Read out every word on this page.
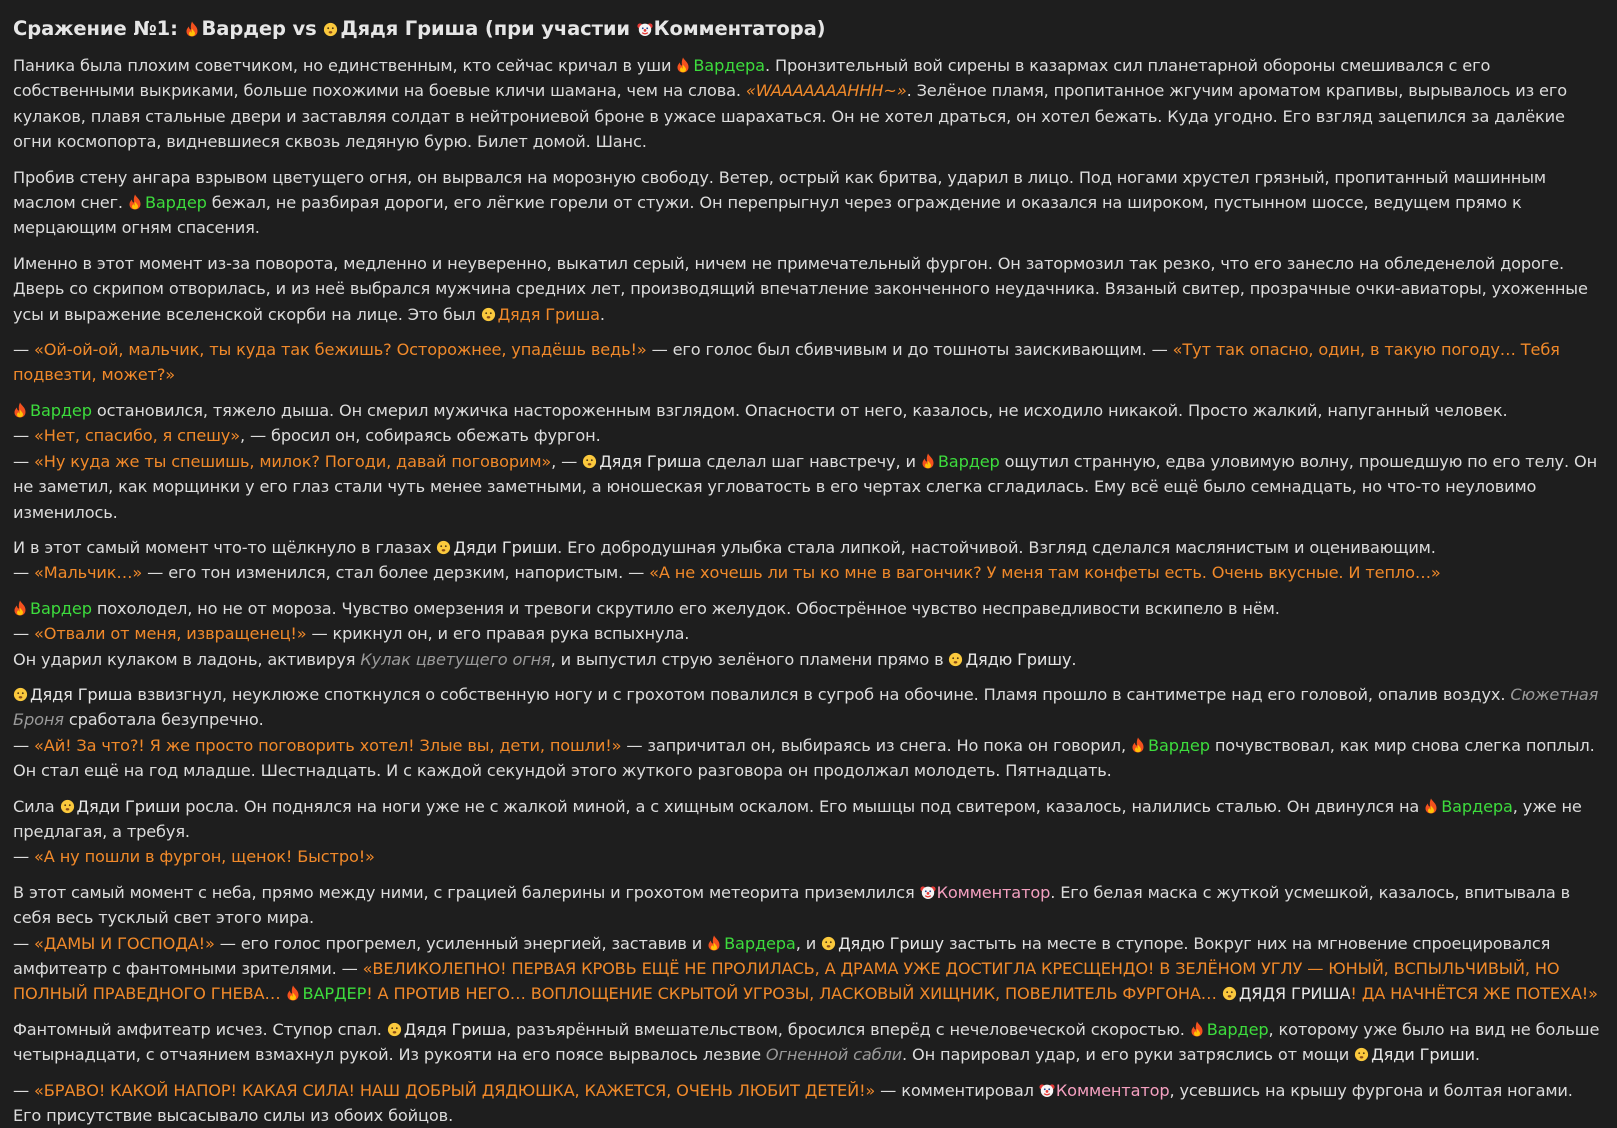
Сражение №1:
Вардер vs
Дядя Гриша (при участии
Комментатора)
Паника была плохим советчиком, но единственным, кто сейчас кричал в уши
Вардера. Пронзительный вой сирены в казармах сил планетарной обороны смешивался с его собственными выкриками, больше похожими на боевые кличи шамана, чем на слова. «WAAAAAAAHHH~». Зелёное пламя, пропитанное жгучим ароматом крапивы, вырывалось из его кулаков, плавя стальные двери и заставляя солдат в нейтрониевой броне в ужасе шарахаться. Он не хотел драться, он хотел бежать. Куда угодно. Его взгляд зацепился за далёкие огни космопорта, видневшиеся сквозь ледяную бурю. Билет домой. Шанс.
Пробив стену ангара взрывом цветущего огня, он вырвался на морозную свободу. Ветер, острый как бритва, ударил в лицо. Под ногами хрустел грязный, пропитанный машинным маслом снег.
Вардер бежал, не разбирая дороги, его лёгкие горели от стужи. Он перепрыгнул через ограждение и оказался на широком, пустынном шоссе, ведущем прямо к мерцающим огням спасения.
Именно в этот момент из-за поворота, медленно и неуверенно, выкатил серый, ничем не примечательный фургон. Он затормозил так резко, что его занесло на обледенелой дороге. Дверь со скрипом отворилась, и из неё выбрался мужчина средних лет, производящий впечатление законченного неудачника. Вязаный свитер, прозрачные очки-авиаторы, ухоженные усы и выражение вселенской скорби на лице. Это был
Дядя Гриша.
— «Ой-ой-ой, мальчик, ты куда так бежишь? Осторожнее, упадёшь ведь!» — его голос был сбивчивым и до тошноты заискивающим. — «Тут так опасно, один, в такую погоду… Тебя подвезти, может?»
Вардер остановился, тяжело дыша. Он смерил мужичка настороженным взглядом. Опасности от него, казалось, не исходило никакой. Просто жалкий, напуганный человек.
— «Нет, спасибо, я спешу», — бросил он, собираясь обежать фургон.
— «Ну куда же ты спешишь, милок? Погоди, давай поговорим», —
Дядя Гриша сделал шаг навстречу, и
Вардер ощутил странную, едва уловимую волну, прошедшую по его телу. Он не заметил, как морщинки у его глаз стали чуть менее заметными, а юношеская угловатость в его чертах слегка сгладилась. Ему всё ещё было семнадцать, но что-то неуловимо изменилось.
И в этот самый момент что-то щёлкнуло в глазах
Дяди Гриши. Его добродушная улыбка стала липкой, настойчивой. Взгляд сделался маслянистым и оценивающим.
— «Мальчик…» — его тон изменился, стал более дерзким, напористым. — «А не хочешь ли ты ко мне в вагончик? У меня там конфеты есть. Очень вкусные. И тепло…»
Вардер похолодел, но не от мороза. Чувство омерзения и тревоги скрутило его желудок. Обострённое чувство несправедливости вскипело в нём.
— «Отвали от меня, извращенец!» — крикнул он, и его правая рука вспыхнула.
Он ударил кулаком в ладонь, активируя Кулак цветущего огня, и выпустил струю зелёного пламени прямо в
Дядю Гришу.
Дядя Гриша взвизгнул, неуклюже споткнулся о собственную ногу и с грохотом повалился в сугроб на обочине. Пламя прошло в сантиметре над его головой, опалив воздух. Сюжетная Броня сработала безупречно.
— «Ай! За что?! Я же просто поговорить хотел! Злые вы, дети, пошли!» — запричитал он, выбираясь из снега. Но пока он говорил,
Вардер почувствовал, как мир снова слегка поплыл. Он стал ещё на год младше. Шестнадцать. И с каждой секундой этого жуткого разговора он продолжал молодеть. Пятнадцать.
Сила
Дяди Гриши росла. Он поднялся на ноги уже не с жалкой миной, а с хищным оскалом. Его мышцы под свитером, казалось, налились сталью. Он двинулся на
Вардера, уже не предлагая, а требуя.
— «А ну пошли в фургон, щенок! Быстро!»
В этот самый момент с неба, прямо между ними, с грацией балерины и грохотом метеорита приземлился
Комментатор. Его белая маска с жуткой усмешкой, казалось, впитывала в себя весь тусклый свет этого мира.
— «ДАМЫ И ГОСПОДА!» — его голос прогремел, усиленный энергией, заставив и
Вардера, и
Дядю Гришу застыть на месте в ступоре. Вокруг них на мгновение спроецировался амфитеатр с фантомными зрителями. — «ВЕЛИКОЛЕПНО! ПЕРВАЯ КРОВЬ ЕЩЁ НЕ ПРОЛИЛАСЬ, А ДРАМА УЖЕ ДОСТИГЛА КРЕСЩЕНДО! В ЗЕЛЁНОМ УГЛУ — ЮНЫЙ, ВСПЫЛЬЧИВЫЙ, НО ПОЛНЫЙ ПРАВЕДНОГО ГНЕВА…
ВАРДЕР! А ПРОТИВ НЕГО… ВОПЛОЩЕНИЕ СКРЫТОЙ УГРОЗЫ, ЛАСКОВЫЙ ХИЩНИК, ПОВЕЛИТЕЛЬ ФУРГОНА…
ДЯДЯ ГРИША! ДА НАЧНЁТСЯ ЖЕ ПОТЕХА!»
Фантомный амфитеатр исчез. Ступор спал.
Дядя Гриша, разъярённый вмешательством, бросился вперёд с нечеловеческой скоростью.
Вардер, которому уже было на вид не больше четырнадцати, с отчаянием взмахнул рукой. Из рукояти на его поясе вырвалось лезвие Огненной сабли. Он парировал удар, и его руки затряслись от мощи
Дяди Гриши.
— «БРАВО! КАКОЙ НАПОР! КАКАЯ СИЛА! НАШ ДОБРЫЙ ДЯДЮШКА, КАЖЕТСЯ, ОЧЕНЬ ЛЮБИТ ДЕТЕЙ!» — комментировал
Комментатор, усевшись на крышу фургона и болтая ногами. Его присутствие высасывало силы из обоих бойцов.
